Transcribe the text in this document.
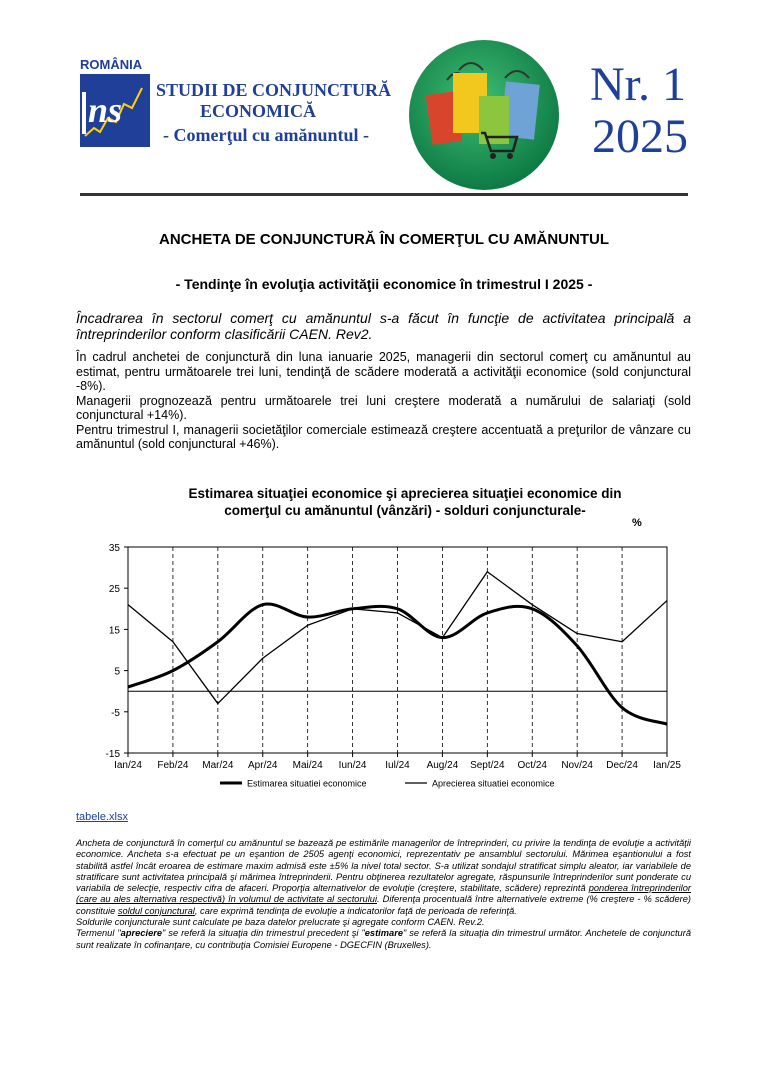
ROMÂNIA
ns STUDII DE CONJUNCTURĂ
ECONOMICĂ
- Comerţul cu amănuntul -
Nr. 1
2025
ANCHETA DE CONJUNCTURĂ ÎN COMERŢUL CU AMĂNUNTUL
- Tendinţe în evoluţia activităţii economice în trimestrul I 2025 -
Încadrarea în sectorul comerţ cu amănuntul s-a făcut în funcţie de activitatea principală a întreprinderilor conform clasificării CAEN. Rev2.

În cadrul anchetei de conjunctură din luna ianuarie 2025, managerii din sectorul comerţ cu amănuntul au estimat, pentru următoarele trei luni, tendinţă de scădere moderată a activităţii economice (sold conjunctural -8%).

Managerii prognozează pentru următoarele trei luni creştere moderată a numărului de salariaţi (sold conjunctural +14%).

Pentru trimestrul I, managerii societăţilor comerciale estimează creştere accentuată a preţurilor de vânzare cu amănuntul (sold conjunctural +46%).

Estimarea situaţiei economice şi aprecierea situaţiei economice din comerţul cu amănuntul (vânzări) - solduri conjuncturale-
%
35
25
15
5
-5
-15
Ian/24 Feb/24 Mar/24 Apr/24 Mai/24 Iun/24 Iul/24 Aug/24 Sept/24 Oct/24 Nov/24 Dec/24 Ian/25
Estimarea situatiei economice	Aprecierea situatiei economice
tabele.xlsx

Ancheta de conjunctură în comerţul cu amănuntul se bazează pe estimările managerilor de întreprinderi, cu privire la tendinţa de evoluţie a activităţii economice. Ancheta s-a efectuat pe un eşantion de 2505 agenţi economici, reprezentativ pe ansamblul sectorului. Mărimea eşantionului a fost stabilită astfel încât eroarea de estimare maxim admisă este ±5% la nivel total sector. S-a utilizat sondajul stratificat simplu aleator, iar variabilele de stratificare sunt activitatea principală şi mărimea întreprinderii. Pentru obţinerea rezultatelor agregate, răspunsurile întreprinderilor sunt ponderate cu variabila de selecţie, respectiv cifra de afaceri. Proporţia alternativelor de evoluţie (creştere, stabilitate, scădere) reprezintă ponderea întreprinderilor (care au ales alternativa respectivă) în volumul de activitate al sectorului. Diferenţa procentuală între alternativele extreme (% creştere - % scădere) constituie soldul conjunctural, care exprimă tendinţa de evoluţie a indicatorilor faţă de perioada de referinţă.

Soldurile conjuncturale sunt calculate pe baza datelor prelucrate şi agregate conform CAEN. Rev.2.

Termenul "apreciere" se referă la situaţia din trimestrul precedent şi "estimare" se referă la situaţia din trimestrul următor. Anchetele de conjunctură sunt realizate în cofinanţare, cu contribuţia Comisiei Europene - DGECFIN (Bruxelles).
